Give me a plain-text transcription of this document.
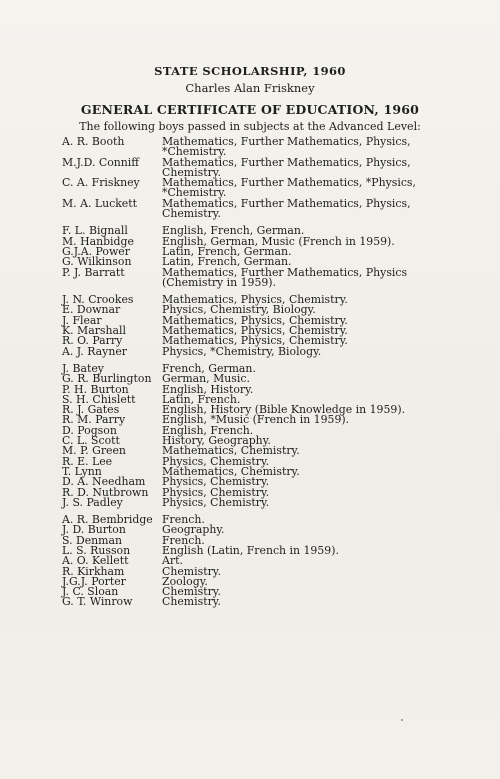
STATE SCHOLARSHIP, 1960
Charles Alan Friskney
GENERAL CERTIFICATE OF EDUCATION, 1960
The following boys passed in subjects at the Advanced Level:
A. R. Booth	Mathematics, Further Mathematics, Physics,
*Chemistry.
M.J.D. Conniff	Mathematics, Further Mathematics, Physics,
Chemistry.
C. A. Friskney	Mathematics, Further Mathematics, *Physics,
*Chemistry.
M. A. Luckett	Mathematics, Further Mathematics, Physics,
Chemistry.
F. L. Bignall	English, French, German.
M. Hanbidge	English, German, Music (French in 1959).
G.J.A. Power	Latin, French, German.
G. Wilkinson	Latin, French, German.
P. J. Barratt	Mathematics, Further Mathematics, Physics
(Chemistry in 1959).
J. N. Crookes	Mathematics, Physics, Chemistry.
E. Downar	Physics, Chemistry, Biology.
J. Flear	Mathematics, Physics, Chemistry.
K. Marshall	Mathematics, Physics, Chemistry.
R. O. Parry	Mathematics, Physics, Chemistry.
A. J. Rayner	Physics, *Chemistry, Biology.
J. Batey	French, German.
G. R. Burlington German, Music.
P. H. Burton	English, History.
S. H. Chislett	Latin, French.
R. J. Gates	English, History (Bible Knowledge in 1959).
R. M. Parry	English, *Music (French in 1959).
D. Pogson	English, French.
C. L. Scott	History, Geography.
M. P. Green	Mathematics, Chemistry.
R. E. Lee	Physics, Chemistry.
T. Lynn	Mathematics, Chemistry.
D. A. Needham	Physics, Chemistry.
R. D. Nutbrown	Physics, Chemistry.
J. S. Padley	Physics, Chemistry.
A. R. Bembridge French.
J. D. Burton	Geography.
S. Denman	French.
L. S. Russon	English (Latin, French in 1959).
A. O. Kellett	Art.
R. Kirkham	Chemistry.
J.G.J. Porter	Zoology.
J. C. Sloan	Chemistry.
G. T. Winrow	Chemistry.
